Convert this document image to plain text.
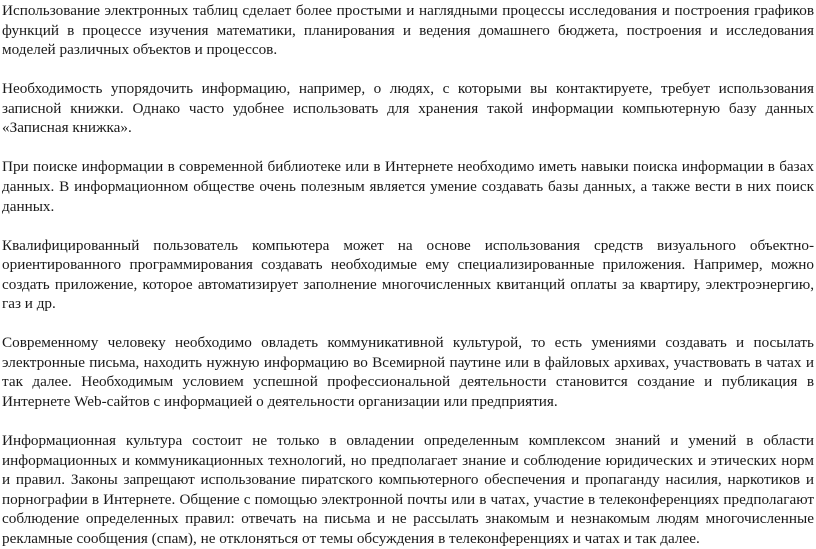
Использование электронных таблиц сделает более простыми и наглядными процессы исследования и построения графиков функций в процессе изучения математики, планирования и ведения домашнего бюджета, построения и исследования моделей различных объектов и процессов.

Необходимость упорядочить информацию, например, о людях, с которыми вы контактируете, требует использования записной книжки. Однако часто удобнее использовать для хранения такой информации компьютерную базу данных «Записная книжка».

При поиске информации в современной библиотеке или в Интернете необходимо иметь навыки поиска информации в базах данных. В информационном обществе очень полезным является умение создавать базы данных, а также вести в них поиск данных.

Квалифицированный пользователь компьютера может на основе использования средств визуального объектно-ориентированного программирования создавать необходимые ему специализированные приложения. Например, можно создать приложение, которое автоматизирует заполнение многочисленных квитанций оплаты за квартиру, электроэнергию, газ и др.

Современному человеку необходимо овладеть коммуникативной культурой, то есть умениями создавать и посылать электронные письма, находить нужную информацию во Всемирной паутине или в файловых архивах, участвовать в чатах и так далее. Необходимым условием успешной профессиональной деятельности становится создание и публикация в Интернете Web-сайтов с информацией о деятельности организации или предприятия.

Информационная культура состоит не только в овладении определенным комплексом знаний и умений в области информационных и коммуникационных технологий, но предполагает знание и соблюдение юридических и этических норм и правил. Законы запрещают использование пиратского компьютерного обеспечения и пропаганду насилия, наркотиков и порнографии в Интернете. Общение с помощью электронной почты или в чатах, участие в телеконференциях предполагают соблюдение определенных правил: отвечать на письма и не рассылать знакомым и незнакомым людям многочисленные рекламные сообщения (спам), не отклоняться от темы обсуждения в телеконференциях и чатах и так далее.
